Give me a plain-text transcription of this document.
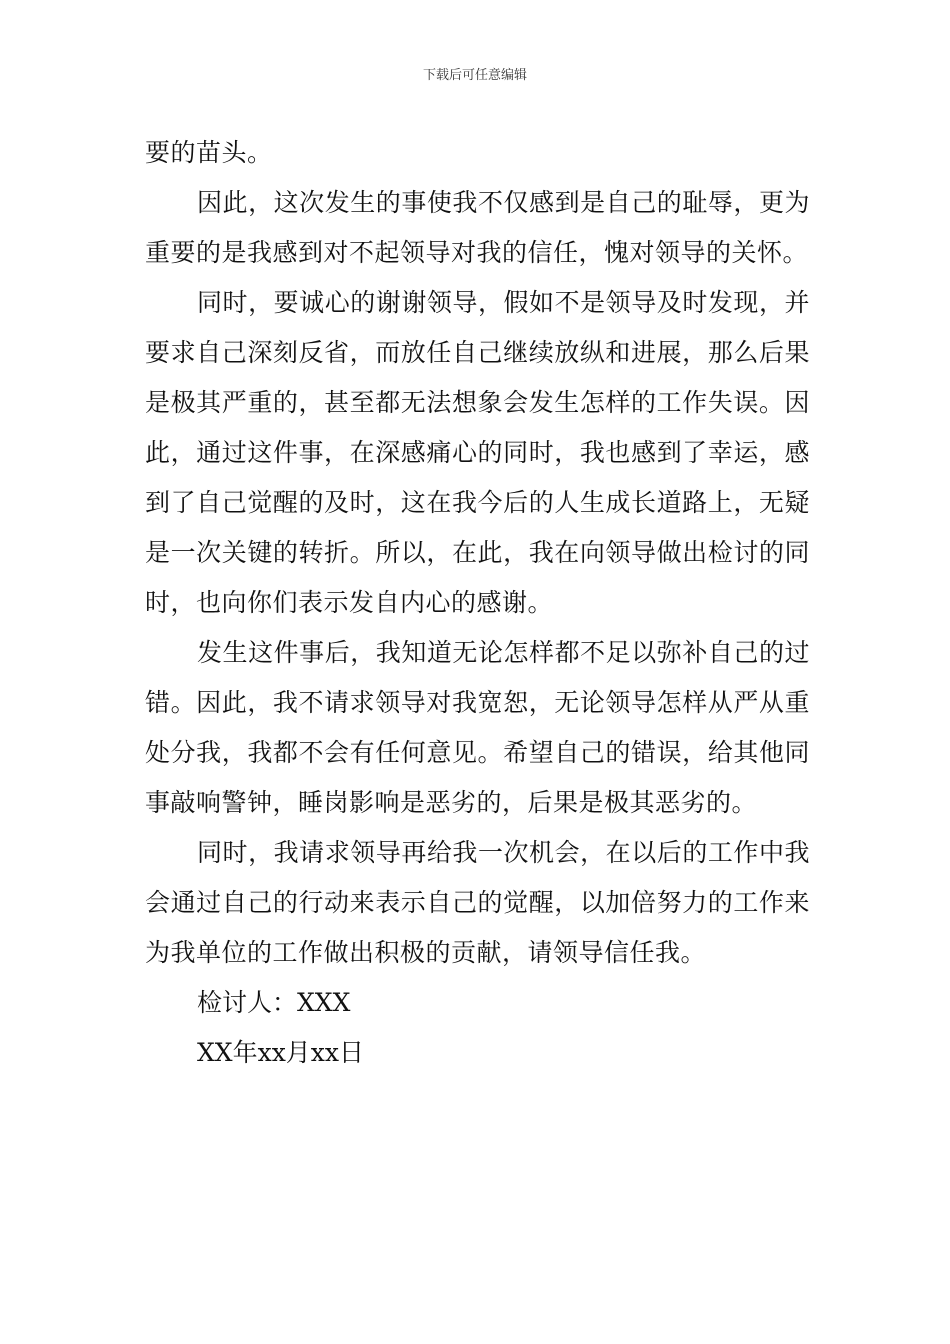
下载后可任意编辑

要的苗头。

因此，这次发生的事使我不仅感到是自己的耻辱，更为重要的是我感到对不起领导对我的信任，愧对领导的关怀。

同时，要诚心的谢谢领导，假如不是领导及时发现，并要求自己深刻反省，而放任自己继续放纵和进展，那么后果是极其严重的，甚至都无法想象会发生怎样的工作失误。因此，通过这件事，在深感痛心的同时，我也感到了幸运，感到了自己觉醒的及时，这在我今后的人生成长道路上，无疑是一次关键的转折。所以，在此，我在向领导做出检讨的同时，也向你们表示发自内心的感谢。

发生这件事后，我知道无论怎样都不足以弥补自己的过错。因此，我不请求领导对我宽恕，无论领导怎样从严从重处分我，我都不会有任何意见。希望自己的错误，给其他同事敲响警钟，睡岗影响是恶劣的，后果是极其恶劣的。

同时，我请求领导再给我一次机会，在以后的工作中我会通过自己的行动来表示自己的觉醒，以加倍努力的工作来为我单位的工作做出积极的贡献，请领导信任我。

检讨人：XXX

XX年xx月xx日
